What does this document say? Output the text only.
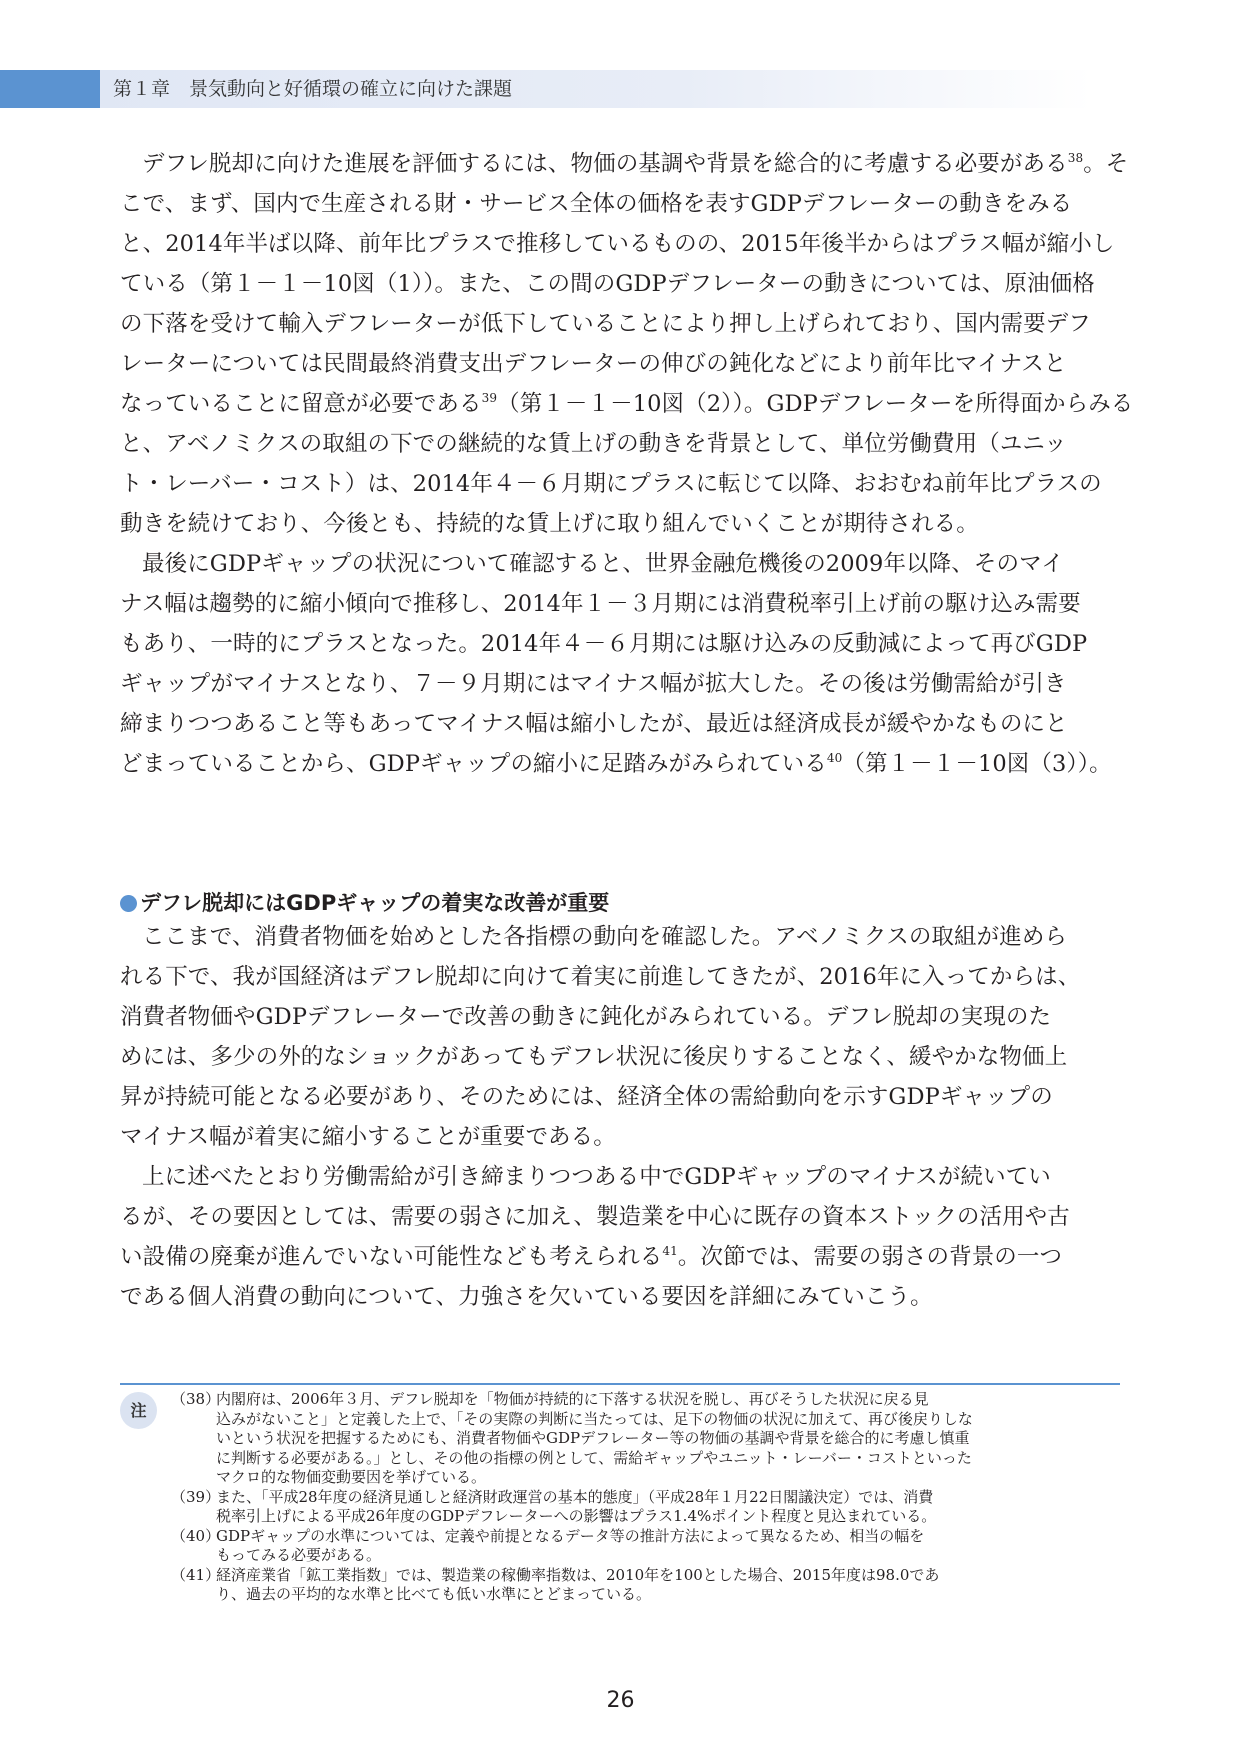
第１章　 景気動向と好循環の確立に向けた課題
デフレ脱却に向けた進展を評価するには、物価の基調や背景を総合的に考慮する必要がある$^{38}$。そ
こで、まず、国内で生産される財・サービス全体の価格を表すGDPデフレーターの動きをみる
と、2014年半ば以降、前年比プラスで推移しているものの、2015年後半からはプラス幅が縮小し
ている（第１－１－10図（1））。また、この間のGDPデフレーターの動きについては、原油価格
の下落を受けて輸入デフレーターが低下していることにより押し上げられており、国内需要デフ
レーターについては民間最終消費支出デフレーターの伸びの鈍化などにより前年比マイナスと
なっていることに留意が必要である$^{39}$（第１－１－10図（2））。GDPデフレーターを所得面からみる
と、アベノミクスの取組の下での継続的な賃上げの動きを背景として、単位労働費用（ユニッ
ト・レーバー・コスト）は、2014年４－６月期にプラスに転じて以降、おおむね前年比プラスの
動きを続けており、今後とも、持続的な賃上げに取り組んでいくことが期待される。
最後にGDPギャップの状況について確認すると、世界金融危機後の2009年以降、そのマイ
ナス幅は趨勢的に縮小傾向で推移し、2014年１－３月期には消費税率引上げ前の駆け込み需要
もあり、一時的にプラスとなった。2014年４－６月期には駆け込みの反動減によって再びGDP
ギャップがマイナスとなり、７－９月期にはマイナス幅が拡大した。その後は労働需給が引き
締まりつつあること等もあってマイナス幅は縮小したが、最近は経済成長が緩やかなものにと
どまっていることから、GDPギャップの縮小に足踏みがみられている$^{40}$（第１－１－10図（3））。
デフレ脱却にはGDPギャップの着実な改善が重要
ここまで、消費者物価を始めとした各指標の動向を確認した。アベノミクスの取組が進めら
れる下で、我が国経済はデフレ脱却に向けて着実に前進してきたが、2016年に入ってからは、
消費者物価やGDPデフレーターで改善の動きに鈍化がみられている。デフレ脱却の実現のた
めには、多少の外的なショックがあってもデフレ状況に後戻りすることなく、緩やかな物価上
昇が持続可能となる必要があり、そのためには、経済全体の需給動向を示すGDPギャップの
マイナス幅が着実に縮小することが重要である。
上に述べたとおり労働需給が引き締まりつつある中でGDPギャップのマイナスが続いてい
るが、その要因としては、需要の弱さに加え、製造業を中心に既存の資本ストックの活用や古
い設備の廃棄が進んでいない可能性なども考えられる$^{41}$。次節では、需要の弱さの背景の一つ
である個人消費の動向について、力強さを欠いている要因を詳細にみていこう。
注
（38）
内閣府は、2006年３月、デフレ脱却を「物価が持続的に下落する状況を脱し、再びそうした状況に戻る見
込みがないこと」と定義した上で、「その実際の判断に当たっては、足下の物価の状況に加えて、再び後戻りしな
いという状況を把握するためにも、消費者物価やGDPデフレーター等の物価の基調や背景を総合的に考慮し慎重
に判断する必要がある。」とし、その他の指標の例として、需給ギャップやユニット・レーバー・コストといった
マクロ的な物価変動要因を挙げている。
（39）
また、「平成28年度の経済見通しと経済財政運営の基本的態度」（平成28年１月22日閣議決定）では、消費
税率引上げによる平成26年度のGDPデフレーターへの影響はプラス1.4%ポイント程度と見込まれている。
（40）
GDPギャップの水準については、定義や前提となるデータ等の推計方法によって異なるため、相当の幅を
もってみる必要がある。
（41）
経済産業省「鉱工業指数」では、製造業の稼働率指数は、2010年を100とした場合、2015年度は98.0であ
り、過去の平均的な水準と比べても低い水準にとどまっている。
26
